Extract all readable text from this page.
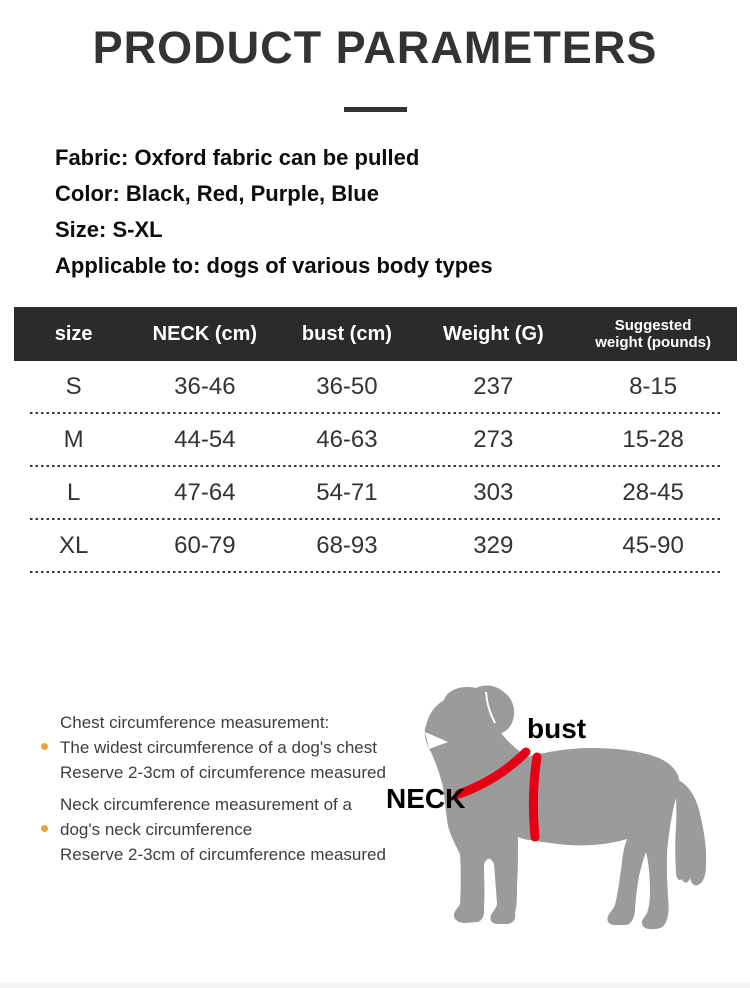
PRODUCT PARAMETERS
Fabric: Oxford fabric can be pulled
Color: Black, Red, Purple, Blue
Size: S-XL
Applicable to: dogs of various body types
size	NECK (cm)	bust (cm)	Weight (G)	Suggested
weight (pounds)
S	36-46	36-50	237	8-15
M	44-54	46-63	273	15-28
L	47-64	54-71	303	28-45
XL	60-79	68-93	329	45-90
Chest circumference measurement:
The widest circumference of a dog's chest
Reserve 2-3cm of circumference measured
Neck circumference measurement of a
dog's neck circumference
Reserve 2-3cm of circumference measured
bust
NECK
